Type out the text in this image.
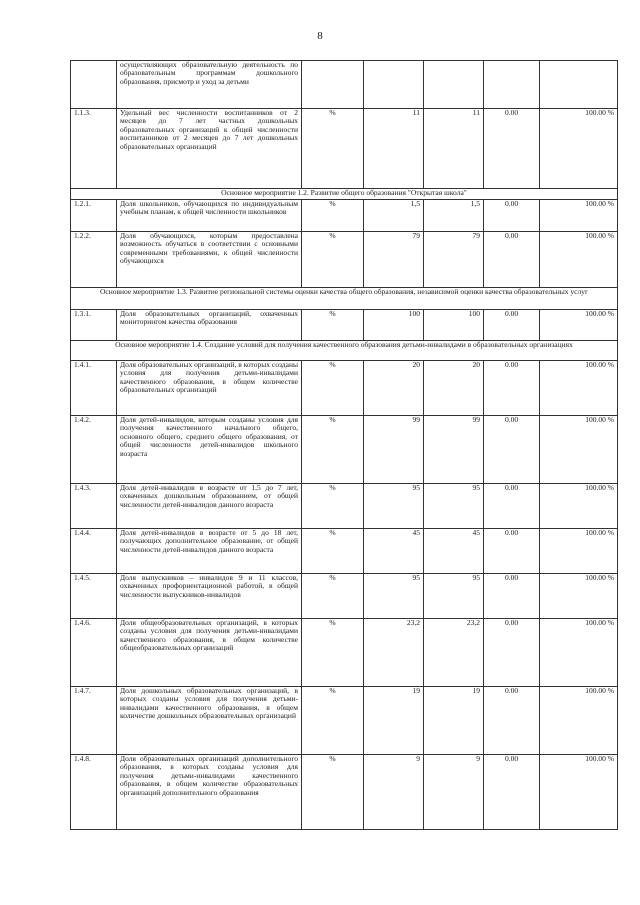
8
	осуществляющих образовательную деятельность по образовательным программам дошкольного образования, присмотр и уход за детьми					
1.1.3.	Удельный вес численности воспитанников от 2 месяцев до 7 лет частных дошкольных образовательных организаций к общей численности воспитанников от 2 месяцев до 7 лет дошкольных образовательных организаций	%	11	11	0.00	100.00 %
Основное мероприятие 1.2. Развитие общего образования "Открытая школа"						
1.2.1.	Доля школьников, обучающихся по индивидуальным учебным планам, к общей численности школьников	%	1,5	1,5	0.00	100.00 %
1.2.2.	Доля обучающихся, которым предоставлена возможность обучаться в соответствии с основными современными требованиями, к общей численности обучающихся	%	79	79	0.00	100.00 %
Основное мероприятие 1.3. Развитие региональной системы оценки качества общего образования, независимой оценки качества образовательных услуг						
1.3.1.	Доля образовательных организаций, охваченных мониторингом качества образования	%	100	100	0.00	100.00 %
Основное мероприятие 1.4. Создание условий для получения качественного образования детьми-инвалидами в образовательных организациях						
1.4.1.	Доля образовательных организаций, в которых созданы условия для получения детьми-инвалидами качественного образования, в общем количестве образовательных организаций	%	20	20	0.00	100.00 %
1.4.2.	Доля детей-инвалидов, которым созданы условия для получения качественного начального общего, основного общего, среднего общего образования, от общей численности детей-инвалидов школьного возраста	%	99	99	0.00	100.00 %
1.4.3.	Доля детей-инвалидов в возрасте от 1,5 до 7 лет, охваченных дошкольным образованием, от общей численности детей-инвалидов данного возраста	%	95	95	0.00	100.00 %
1.4.4.	Доля детей-инвалидов в возрасте от 5 до 18 лет, получающих дополнительное образование, от общей численности детей-инвалидов данного возраста	%	45	45	0.00	100.00 %
1.4.5.	Доля выпускников – инвалидов 9 и 11 классов, охваченных профориентационной работой, в общей численности выпускников-инвалидов	%	95	95	0.00	100.00 %
1.4.6.	Доля общеобразовательных организаций, в которых созданы условия для получения детьми-инвалидами качественного образования, в общем количестве общеобразовательных организаций	%	23,2	23,2	0.00	100.00 %
1.4.7.	Доля дошкольных образовательных организаций, в которых созданы условия для получения детьми-инвалидами качественного образования, в общем количестве дошкольных образовательных организаций	%	19	19	0.00	100.00 %
1.4.8.	Доля образовательных организаций дополнительного образования, в которых созданы условия для получения детьми-инвалидами качественного образования, в общем количестве образовательных организаций дополнительного образования	%	9	9	0.00	100.00 %
